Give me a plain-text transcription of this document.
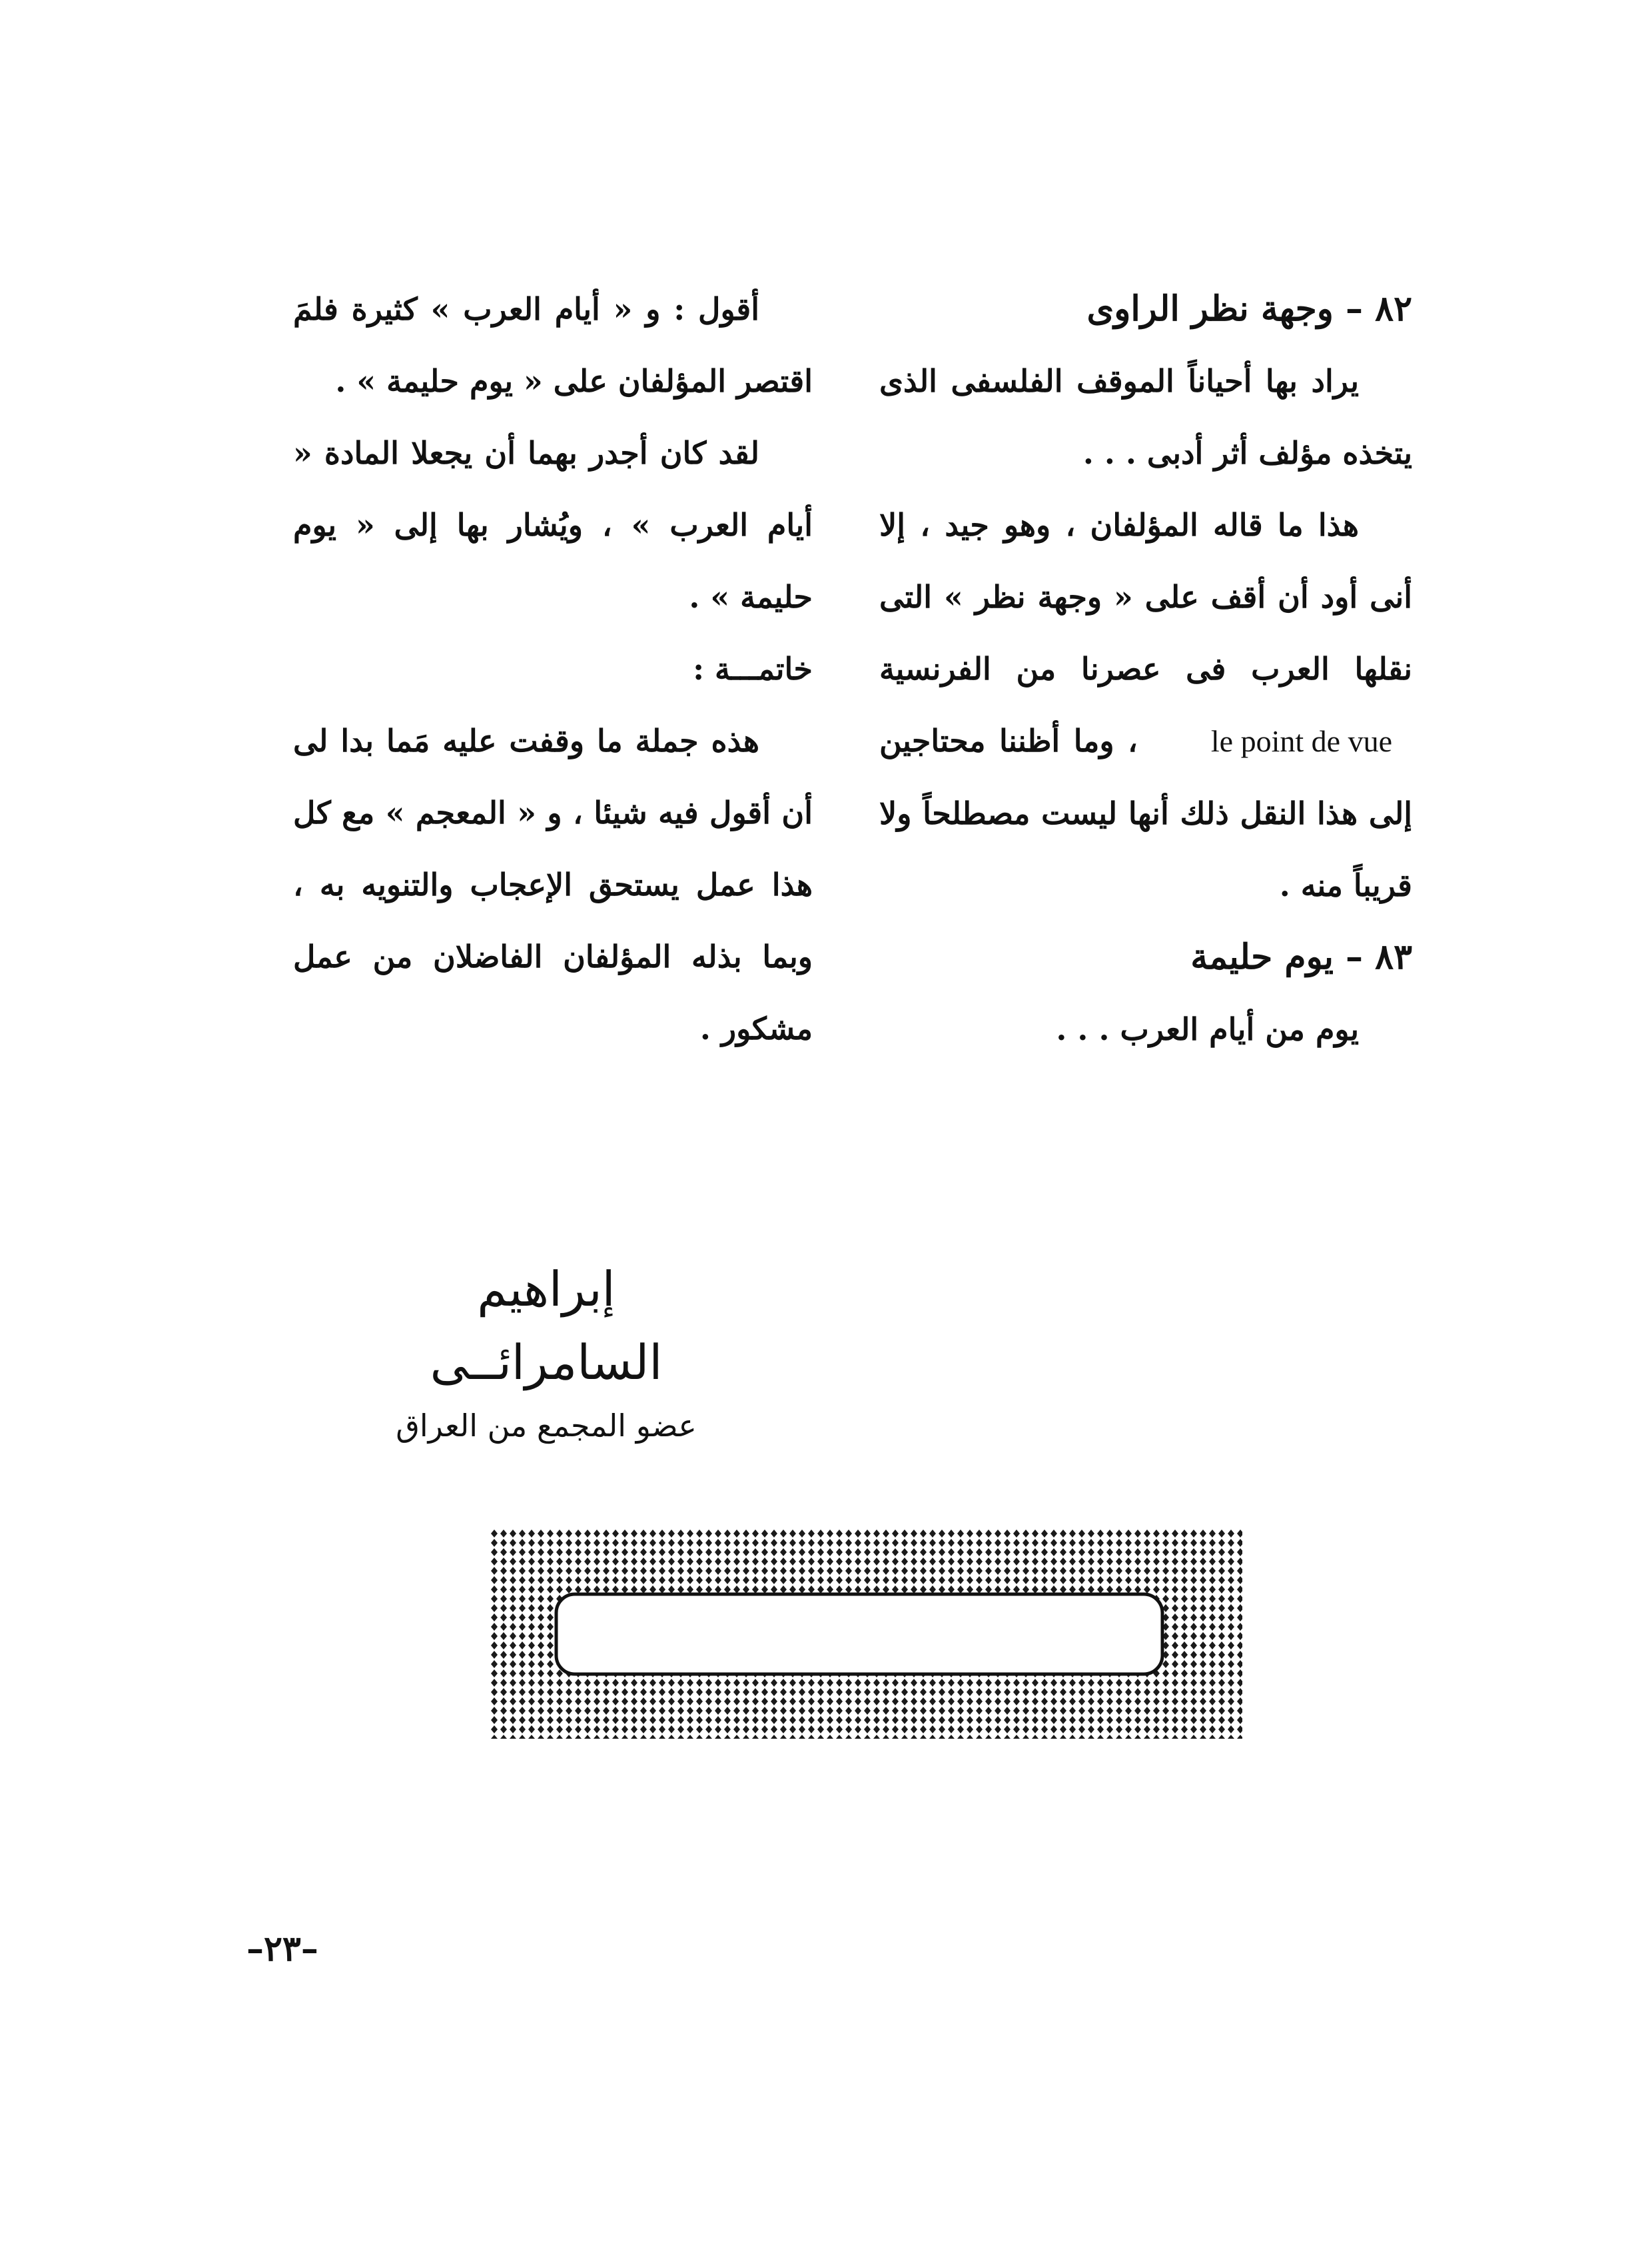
٨٢ – وجهة نظر الراوى

يراد بها أحياناً الموقف الفلسفى الذى يتخذه مؤلف أثر أدبى . . .

هذا ما قاله المؤلفان ، وهو جيد ، إلا أنى أود أن أقف على « وجهة نظر » التى نقلها العرب فى عصرنا من الفرنسيةle point de vue، وما أظننا محتاجين إلى هذا النقل ذلك أنها ليست مصطلحاً ولا قريباً منه .

٨٣ – يوم حليمة

يوم من أيام العرب . . .

أقول : و « أيام العرب » كثيرة فلمَ اقتصر المؤلفان على « يوم حليمة » .

لقد كان أجدر بهما أن يجعلا المادة « أيام العرب » ، ويُشار بها إلى « يوم حليمة » .

خاتمـــة :

هذه جملة ما وقفت عليه مَما بدا لى أن أقول فيه شيئا ، و « المعجم » مع كل هذا عمل يستحق الإعجاب والتنويه به ، وبما بذله المؤلفان الفاضلان من عمل مشكور .

إبراهيم السامرائــى
عضو المجمع من العراق
–٢٣–
